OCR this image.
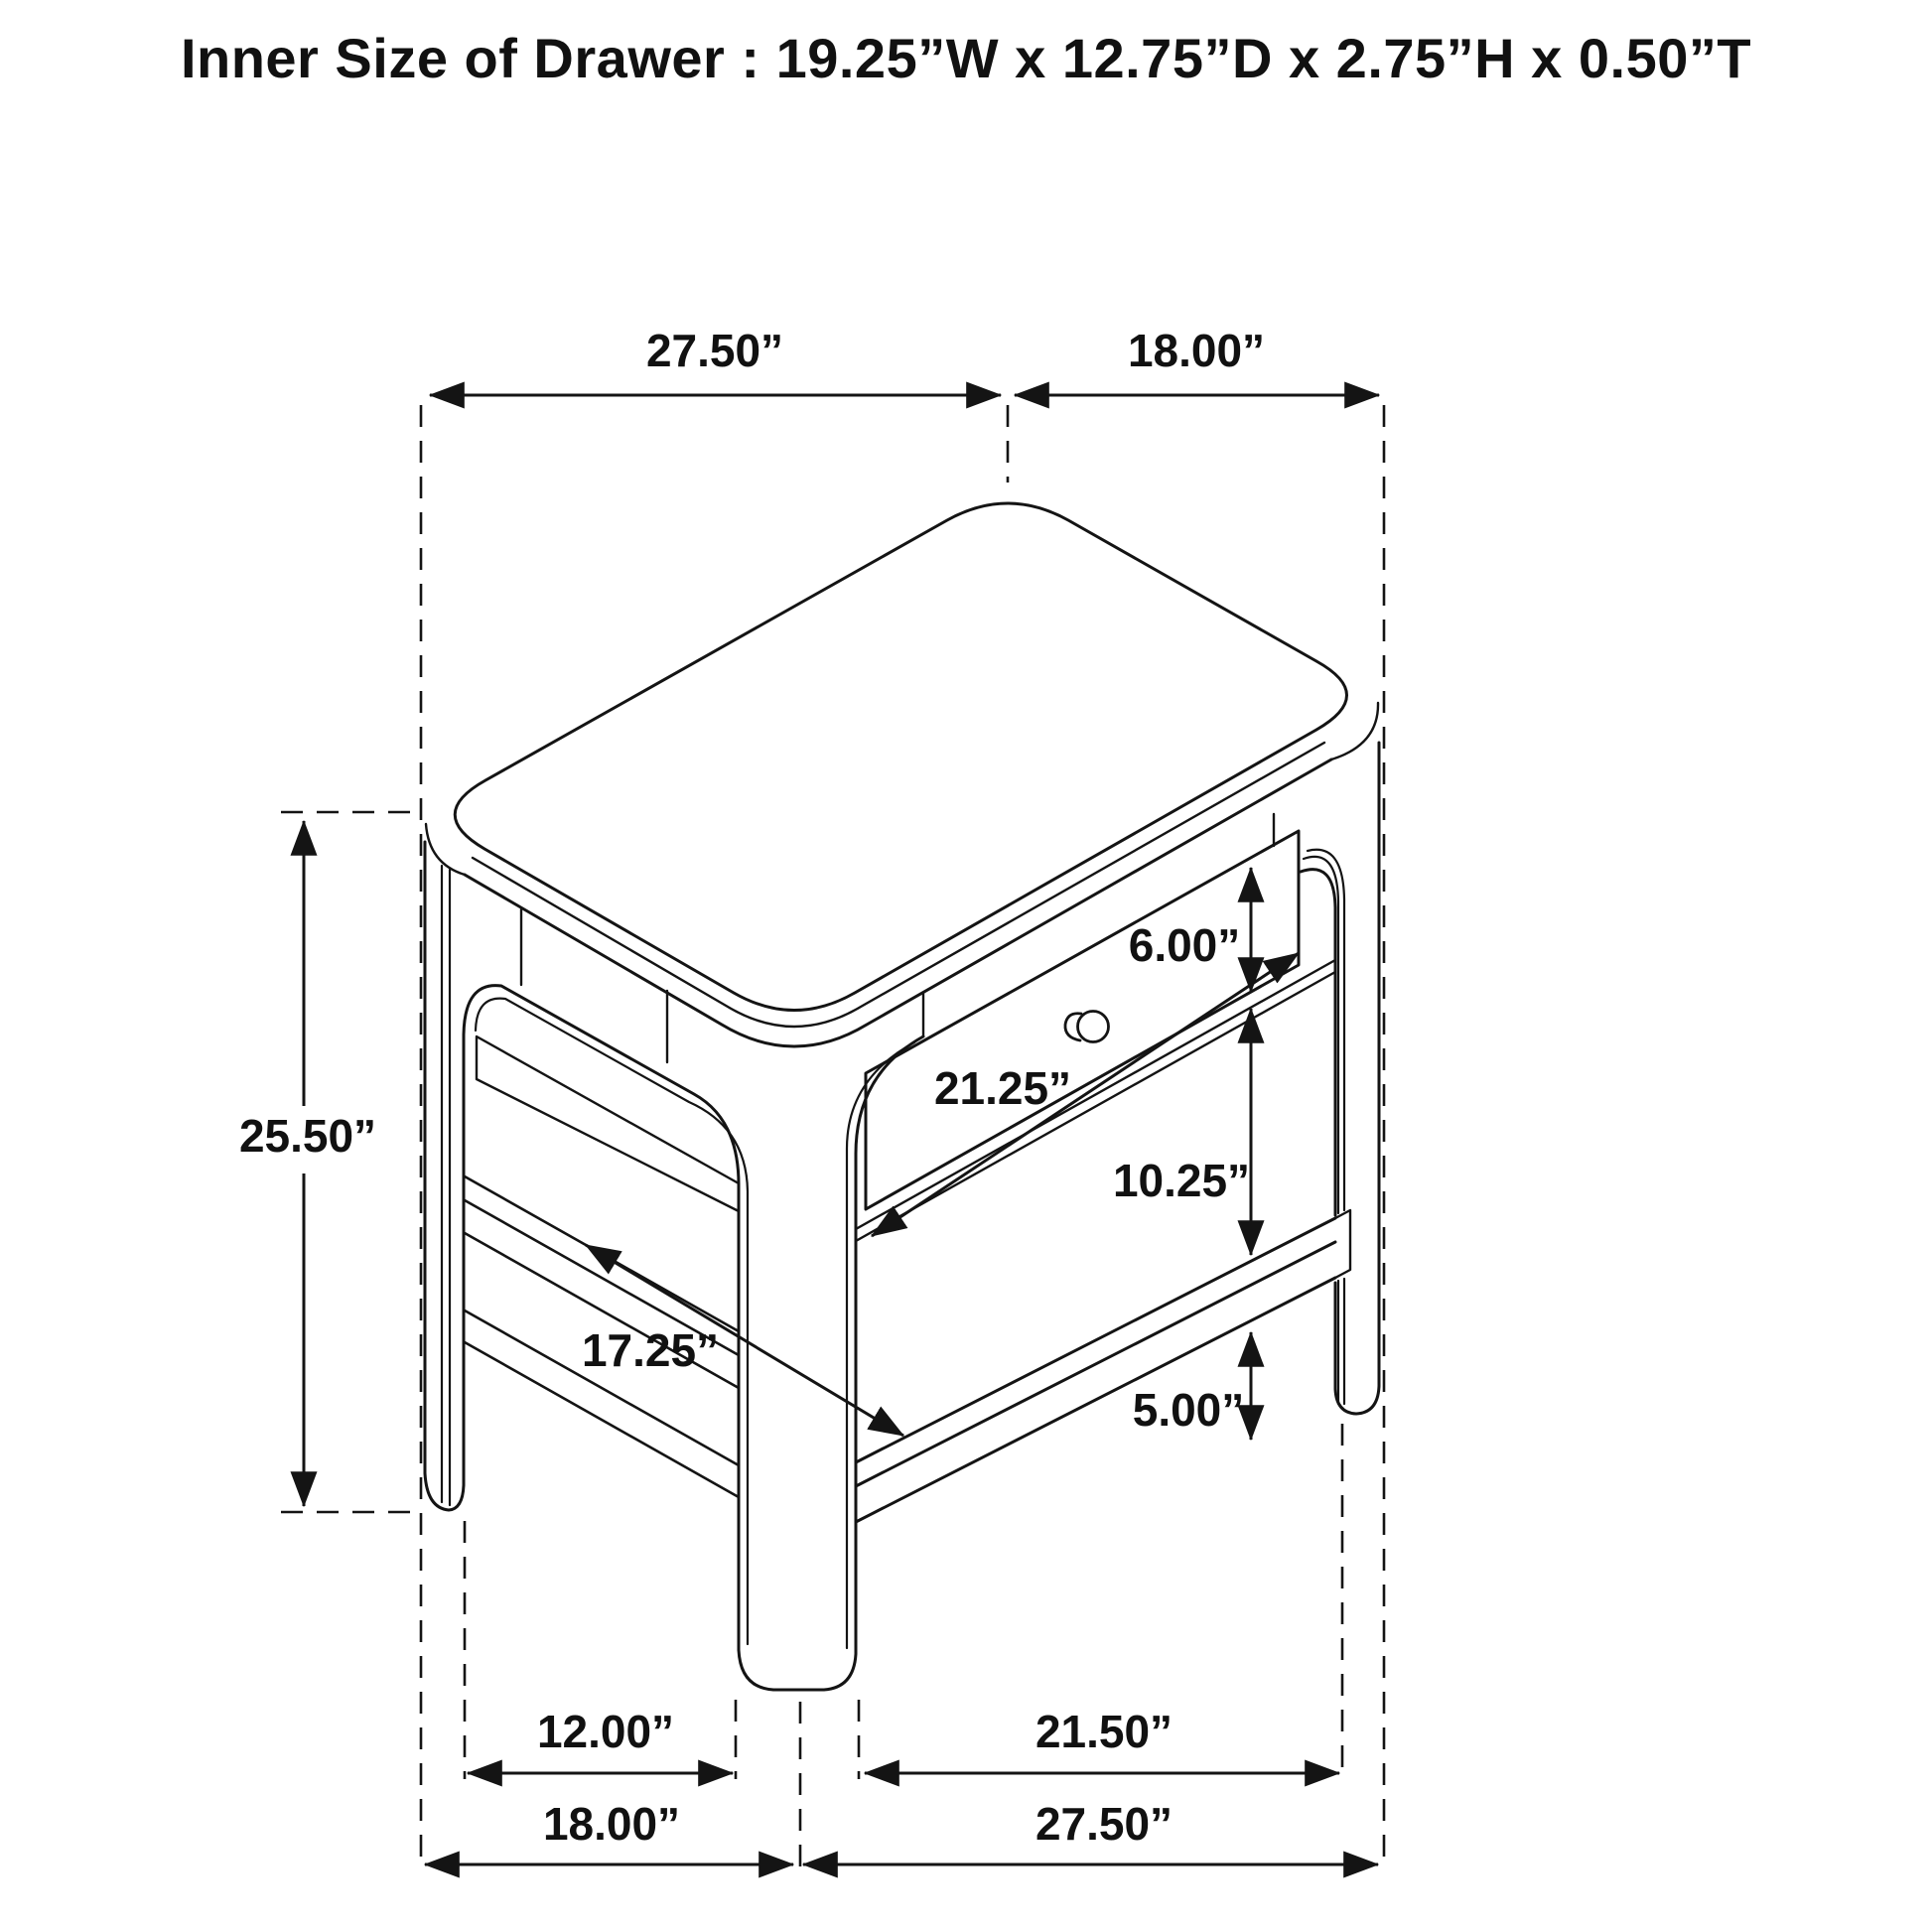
Inner Size of Drawer : 19.25”W x 12.75”D x 2.75”H x 0.50”T
27.50”	18.00”
25.50”
6.00”
21.25”
10.25”
17.25”
5.00”
12.00”	21.50”
18.00”	27.50”
